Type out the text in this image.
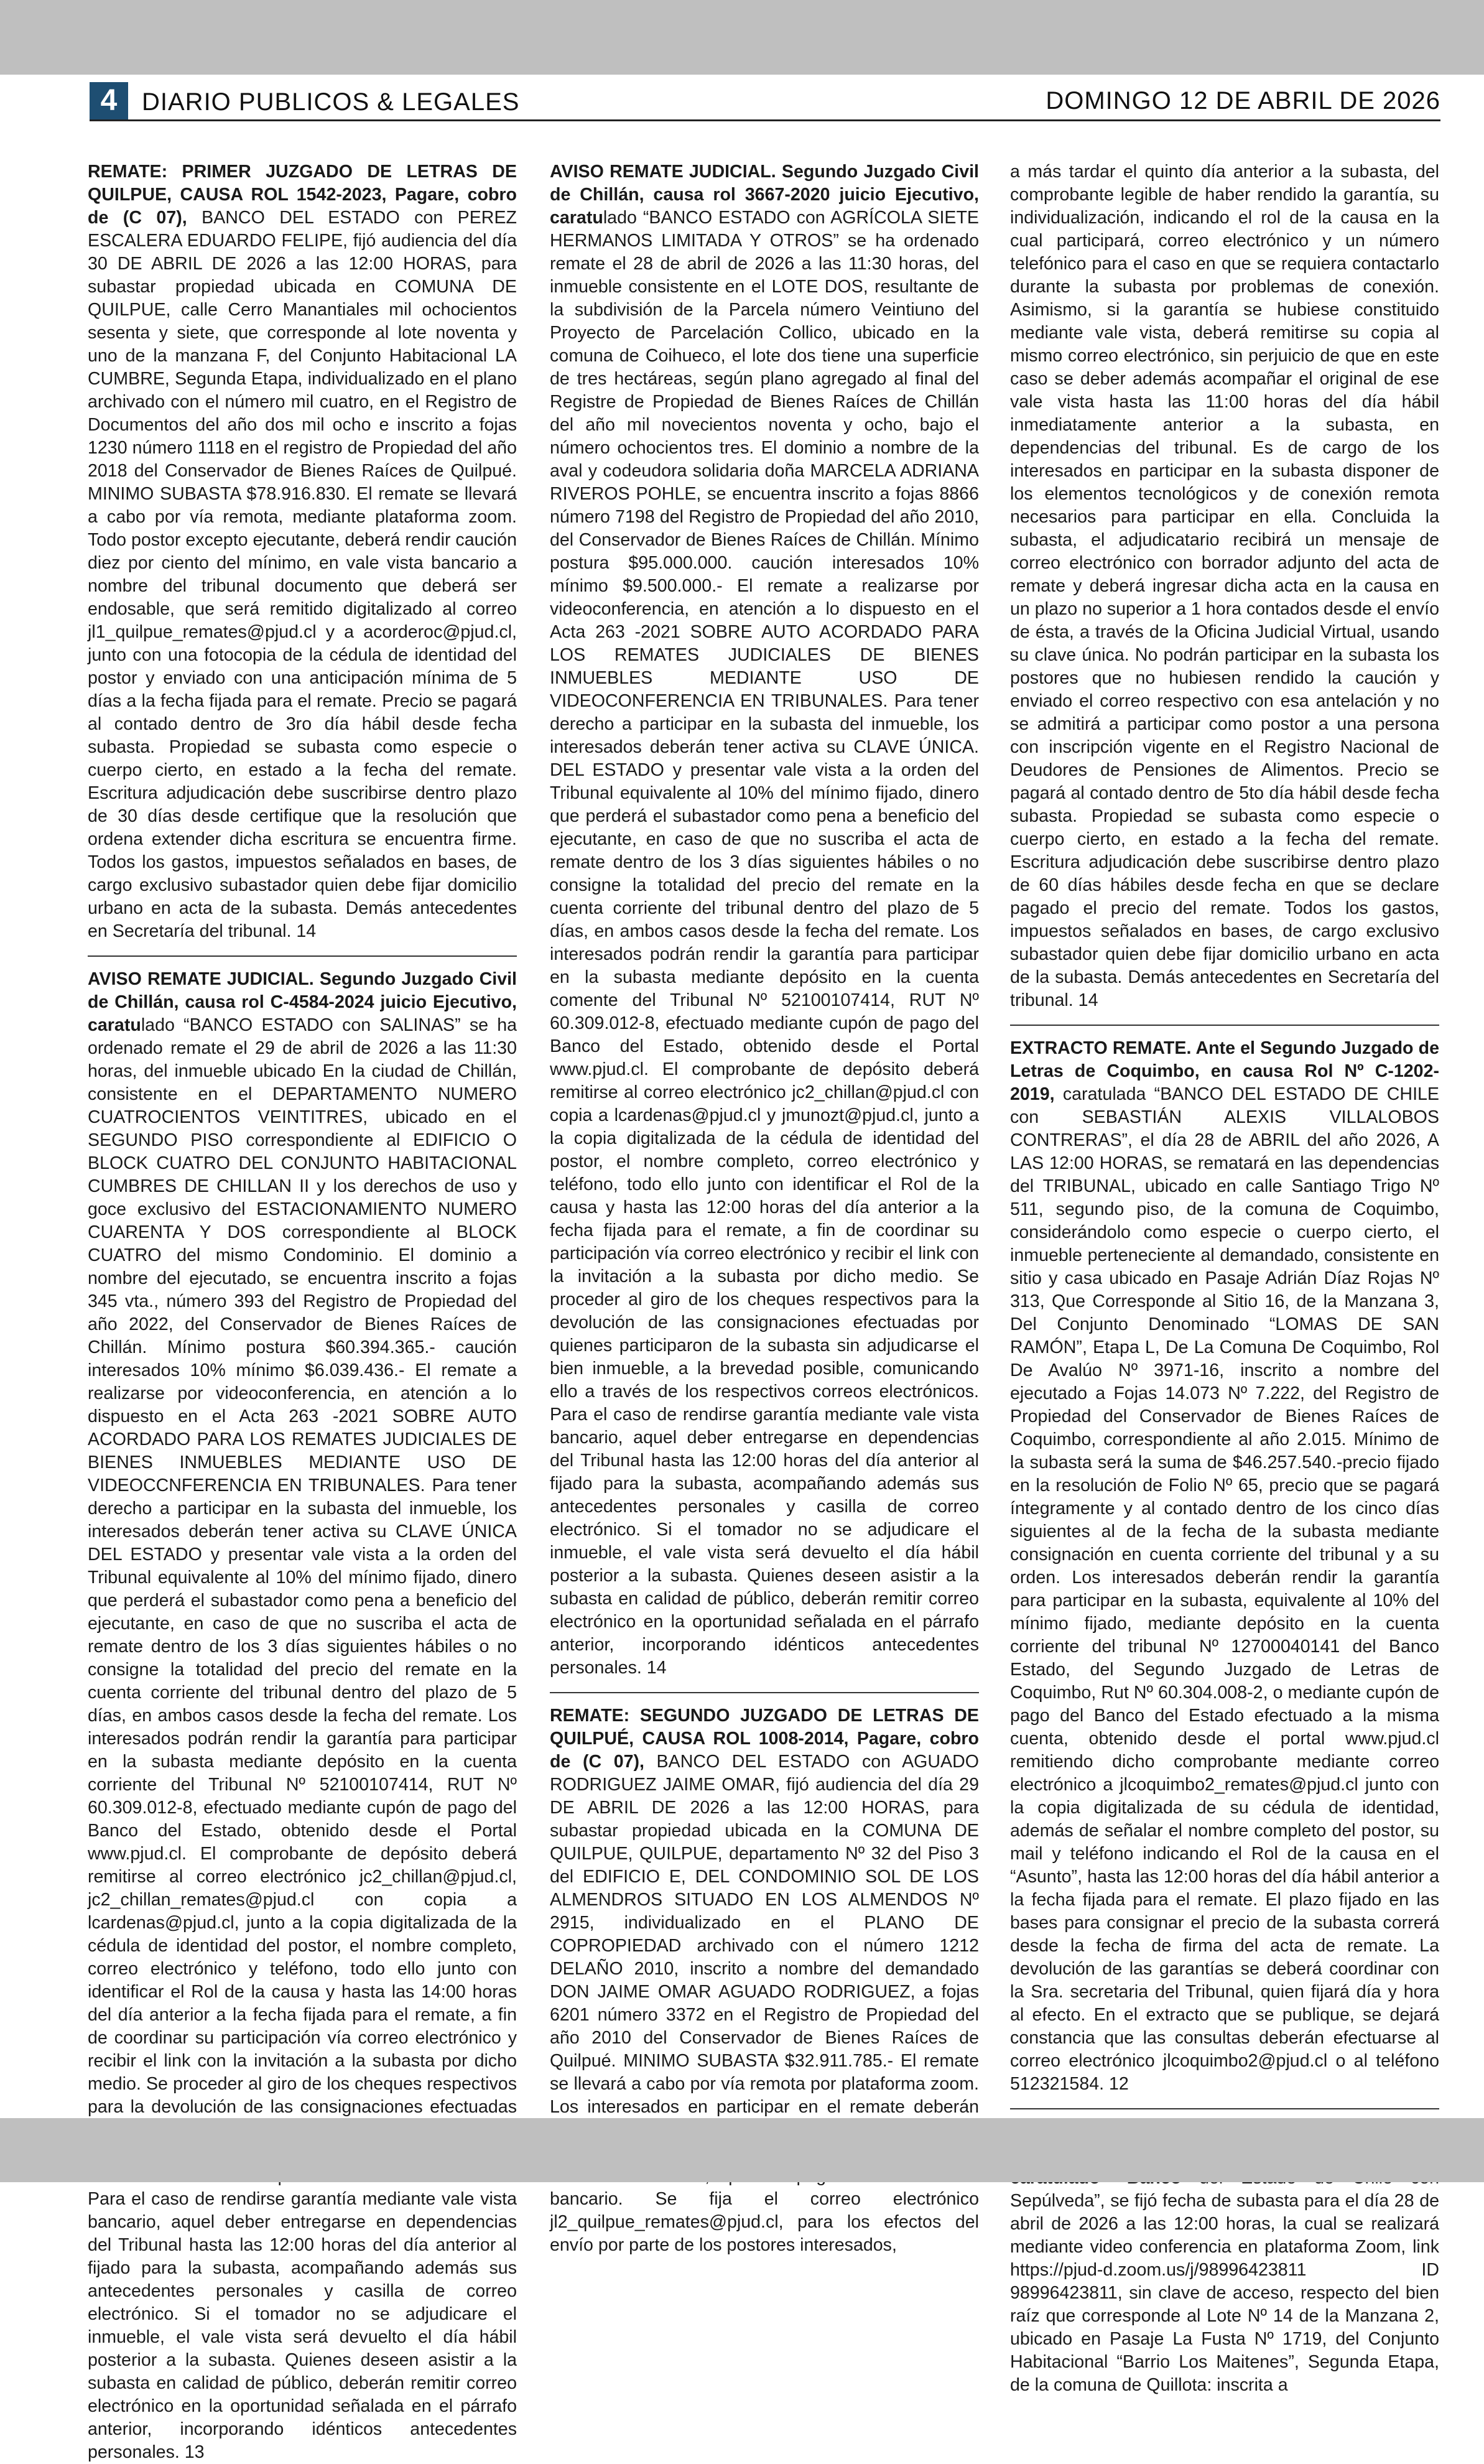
4 DIARIO PUBLICOS & LEGALES	DOMINGO 12 DE ABRIL DE 2026

REMATE: PRIMER JUZGADO DE LETRAS DE QUILPUE, CAUSA ROL 1542-2023, Pagare, cobro de (C 07), BANCO DEL ESTADO con PEREZ ESCALERA EDUARDO FELIPE, fijó audiencia del día 30 DE ABRIL DE 2026 a las 12:00 HORAS, para subastar propiedad ubicada en COMUNA DE QUILPUE, calle Cerro Manantiales mil ochocientos sesenta y siete, que corresponde al lote noventa y uno de la manzana F, del Conjunto Habitacional LA CUMBRE, Segunda Etapa, individualizado en el plano archivado con el número mil cuatro, en el Registro de Documentos del año dos mil ocho e inscrito a fojas 1230 número 1118 en el registro de Propiedad del año 2018 del Conservador de Bienes Raíces de Quilpué. MINIMO SUBASTA $78.916.830. El remate se llevará a cabo por vía remota, mediante plataforma zoom. Todo postor excepto ejecutante, deberá rendir caución diez por ciento del mínimo, en vale vista bancario a nombre del tribunal documento que deberá ser endosable, que será remitido digitalizado al correo jl1_quilpue_remates@pjud.cl y a acorderoc@pjud.cl, junto con una fotocopia de la cédula de identidad del postor y enviado con una anticipación mínima de 5 días a la fecha fijada para el remate. Precio se pagará al contado dentro de 3ro día hábil desde fecha subasta. Propiedad se subasta como especie o cuerpo cierto, en estado a la fecha del remate. Escritura adjudicación debe suscribirse dentro plazo de 30 días desde certifique que la resolución que ordena extender dicha escritura se encuentra firme. Todos los gastos, impuestos señalados en bases, de cargo exclusivo subastador quien debe fijar domicilio urbano en acta de la subasta. Demás antecedentes en Secretaría del tribunal. 14

AVISO REMATE JUDICIAL. Segundo Juzgado Civil de Chillán, causa rol C-4584-2024 juicio Ejecutivo, caratulado “BANCO ESTADO con SALINAS” se ha ordenado remate el 29 de abril de 2026 a las 11:30 horas, del inmueble ubicado En la ciudad de Chillán, consistente en el DEPARTAMENTO NUMERO CUATROCIENTOS VEINTITRES, ubicado en el SEGUNDO PISO correspondiente al EDIFICIO O BLOCK CUATRO DEL CONJUNTO HABITACIONAL CUMBRES DE CHILLAN II y los derechos de uso y goce exclusivo del ESTACIONAMIENTO NUMERO CUARENTA Y DOS correspondiente al BLOCK CUATRO del mismo Condominio. El dominio a nombre del ejecutado, se encuentra inscrito a fojas 345 vta., número 393 del Registro de Propiedad del año 2022, del Conservador de Bienes Raíces de Chillán. Mínimo postura $60.394.365.- caución interesados 10% mínimo $6.039.436.- El remate a realizarse por videoconferencia, en atención a lo dispuesto en el Acta 263 -2021 SOBRE AUTO ACORDADO PARA LOS REMATES JUDICIALES DE BIENES INMUEBLES MEDIANTE USO DE VIDEOCCNFERENCIA EN TRIBUNALES. Para tener derecho a participar en la subasta del inmueble, los interesados deberán tener activa su CLAVE ÚNICA DEL ESTADO y presentar vale vista a la orden del Tribunal equivalente al 10% del mínimo fijado, dinero que perderá el subastador como pena a beneficio del ejecutante, en caso de que no suscriba el acta de remate dentro de los 3 días siguientes hábiles o no consigne la totalidad del precio del remate en la cuenta corriente del tribunal dentro del plazo de 5 días, en ambos casos desde la fecha del remate. Los interesados podrán rendir la garantía para participar en la subasta mediante depósito en la cuenta corriente del Tribunal Nº 52100107414, RUT Nº 60.309.012-8, efectuado mediante cupón de pago del Banco del Estado, obtenido desde el Portal www.pjud.cl. El comprobante de depósito deberá remitirse al correo electrónico jc2_chillan@pjud.cl, jc2_chillan_remates@pjud.cl con copia a lcardenas@pjud.cl, junto a la copia digitalizada de la cédula de identidad del postor, el nombre completo, correo electrónico y teléfono, todo ello junto con identificar el Rol de la causa y hasta las 14:00 horas del día anterior a la fecha fijada para el remate, a fin de coordinar su participación vía correo electrónico y recibir el link con la invitación a la subasta por dicho medio. Se proceder al giro de los cheques respectivos para la devolución de las consignaciones efectuadas Para el caso de rendirse garantía mediante vale vista bancario, aquel deber entregarse en dependencias del Tribunal hasta las 12:00 horas del día anterior al fijado para la subasta, acompañando además sus antecedentes personales y casilla de correo electrónico. Si el tomador no se adjudicare el inmueble, el vale vista será devuelto el día hábil posterior a la subasta. Quienes deseen asistir a la subasta en calidad de público, deberán remitir correo electrónico en la oportunidad señalada en el párrafo anterior, incorporando idénticos antecedentes personales. 13

AVISO REMATE JUDICIAL. Segundo Juzgado Civil de Chillán, causa rol 3667-2020 juicio Ejecutivo, caratulado “BANCO ESTADO con AGRÍCOLA SIETE HERMANOS LIMITADA Y OTROS” se ha ordenado remate el 28 de abril de 2026 a las 11:30 horas, del inmueble consistente en el LOTE DOS, resultante de la subdivisión de la Parcela número Veintiuno del Proyecto de Parcelación Collico, ubicado en la comuna de Coihueco, el lote dos tiene una superficie de tres hectáreas, según plano agregado al final del Registre de Propiedad de Bienes Raíces de Chillán del año mil novecientos noventa y ocho, bajo el número ochocientos tres. El dominio a nombre de la aval y codeudora solidaria doña MARCELA ADRIANA RIVEROS POHLE, se encuentra inscrito a fojas 8866 número 7198 del Registro de Propiedad del año 2010, del Conservador de Bienes Raíces de Chillán. Mínimo postura $95.000.000. caución interesados 10% mínimo $9.500.000.- El remate a realizarse por videoconferencia, en atención a lo dispuesto en el Acta 263 -2021 SOBRE AUTO ACORDADO PARA LOS REMATES JUDICIALES DE BIENES INMUEBLES MEDIANTE USO DE VIDEOCONFERENCIA EN TRIBUNALES. Para tener derecho a participar en la subasta del inmueble, los interesados deberán tener activa su CLAVE ÚNICA. DEL ESTADO y presentar vale vista a la orden del Tribunal equivalente al 10% del mínimo fijado, dinero que perderá el subastador como pena a beneficio del ejecutante, en caso de que no suscriba el acta de remate dentro de los 3 días siguientes hábiles o no consigne la totalidad del precio del remate en la cuenta corriente del tribunal dentro del plazo de 5 días, en ambos casos desde la fecha del remate. Los interesados podrán rendir la garantía para participar en la subasta mediante depósito en la cuenta comente del Tribunal Nº 52100107414, RUT Nº 60.309.012-8, efectuado mediante cupón de pago del Banco del Estado, obtenido desde el Portal www.pjud.cl. El comprobante de depósito deberá remitirse al correo electrónico jc2_chillan@pjud.cl con copia a lcardenas@pjud.cl y jmunozt@pjud.cl, junto a la copia digitalizada de la cédula de identidad del postor, el nombre completo, correo electrónico y teléfono, todo ello junto con identificar el Rol de la causa y hasta las 12:00 horas del día anterior a la fecha fijada para el remate, a fin de coordinar su participación vía correo electrónico y recibir el link con la invitación a la subasta por dicho medio. Se proceder al giro de los cheques respectivos para la devolución de las consignaciones efectuadas por quienes participaron de la subasta sin adjudicarse el bien inmueble, a la brevedad posible, comunicando ello a través de los respectivos correos electrónicos. Para el caso de rendirse garantía mediante vale vista bancario, aquel deber entregarse en dependencias del Tribunal hasta las 12:00 horas del día anterior al fijado para la subasta, acompañando además sus antecedentes personales y casilla de correo electrónico. Si el tomador no se adjudicare el inmueble, el vale vista será devuelto el día hábil posterior a la subasta. Quienes deseen asistir a la subasta en calidad de público, deberán remitir correo electrónico en la oportunidad señalada en el párrafo anterior, incorporando idénticos antecedentes personales. 14

REMATE: SEGUNDO JUZGADO DE LETRAS DE QUILPUÉ, CAUSA ROL 1008-2014, Pagare, cobro de (C 07), BANCO DEL ESTADO con AGUADO RODRIGUEZ JAIME OMAR, fijó audiencia del día 29 DE ABRIL DE 2026 a las 12:00 HORAS, para subastar propiedad ubicada en la COMUNA DE QUILPUE, QUILPUE, departamento Nº 32 del Piso 3 del EDIFICIO E, DEL CONDOMINIO SOL DE LOS ALMENDROS SITUADO EN LOS ALMENDOS Nº 2915, individualizado en el PLANO DE COPROPIEDAD archivado con el número 1212 DELAÑO 2010, inscrito a nombre del demandado DON JAIME OMAR AGUADO RODRIGUEZ, a fojas 6201 número 3372 en el Registro de Propiedad del año 2010 del Conservador de Bienes Raíces de Quilpué. MINIMO SUBASTA $32.911.785.- El remate se llevará a cabo por vía remota por plataforma zoom. Los interesados en participar en el remate deberán bancario. Se fija el correo electrónico jl2_quilpue_remates@pjud.cl, para los efectos del envío por parte de los postores interesados,

a más tardar el quinto día anterior a la subasta, del comprobante legible de haber rendido la garantía, su individualización, indicando el rol de la causa en la cual participará, correo electrónico y un número telefónico para el caso en que se requiera contactarlo durante la subasta por problemas de conexión. Asimismo, si la garantía se hubiese constituido mediante vale vista, deberá remitirse su copia al mismo correo electrónico, sin perjuicio de que en este caso se deber además acompañar el original de ese vale vista hasta las 11:00 horas del día hábil inmediatamente anterior a la subasta, en dependencias del tribunal. Es de cargo de los interesados en participar en la subasta disponer de los elementos tecnológicos y de conexión remota necesarios para participar en ella. Concluida la subasta, el adjudicatario recibirá un mensaje de correo electrónico con borrador adjunto del acta de remate y deberá ingresar dicha acta en la causa en un plazo no superior a 1 hora contados desde el envío de ésta, a través de la Oficina Judicial Virtual, usando su clave única. No podrán participar en la subasta los postores que no hubiesen rendido la caución y enviado el correo respectivo con esa antelación y no se admitirá a participar como postor a una persona con inscripción vigente en el Registro Nacional de Deudores de Pensiones de Alimentos. Precio se pagará al contado dentro de 5to día hábil desde fecha subasta. Propiedad se subasta como especie o cuerpo cierto, en estado a la fecha del remate. Escritura adjudicación debe suscribirse dentro plazo de 60 días hábiles desde fecha en que se declare pagado el precio del remate. Todos los gastos, impuestos señalados en bases, de cargo exclusivo subastador quien debe fijar domicilio urbano en acta de la subasta. Demás antecedentes en Secretaría del tribunal. 14

EXTRACTO REMATE. Ante el Segundo Juzgado de Letras de Coquimbo, en causa Rol Nº C-1202-2019, caratulada “BANCO DEL ESTADO DE CHILE con SEBASTIÁN ALEXIS VILLALOBOS CONTRERAS”, el día 28 de ABRIL del año 2026, A LAS 12:00 HORAS, se rematará en las dependencias del TRIBUNAL, ubicado en calle Santiago Trigo Nº 511, segundo piso, de la comuna de Coquimbo, considerándolo como especie o cuerpo cierto, el inmueble perteneciente al demandado, consistente en sitio y casa ubicado en Pasaje Adrián Díaz Rojas Nº 313, Que Corresponde al Sitio 16, de la Manzana 3, Del Conjunto Denominado “LOMAS DE SAN RAMÓN”, Etapa L, De La Comuna De Coquimbo, Rol De Avalúo Nº 3971-16, inscrito a nombre del ejecutado a Fojas 14.073 Nº 7.222, del Registro de Propiedad del Conservador de Bienes Raíces de Coquimbo, correspondiente al año 2.015. Mínimo de la subasta será la suma de $46.257.540.-precio fijado en la resolución de Folio Nº 65, precio que se pagará íntegramente y al contado dentro de los cinco días siguientes al de la fecha de la subasta mediante consignación en cuenta corriente del tribunal y a su orden. Los interesados deberán rendir la garantía para participar en la subasta, equivalente al 10% del mínimo fijado, mediante depósito en la cuenta corriente del tribunal Nº 12700040141 del Banco Estado, del Segundo Juzgado de Letras de Coquimbo, Rut Nº 60.304.008-2, o mediante cupón de pago del Banco del Estado efectuado a la misma cuenta, obtenido desde el portal www.pjud.cl remitiendo dicho comprobante mediante correo electrónico a jlcoquimbo2_remates@pjud.cl junto con la copia digitalizada de su cédula de identidad, además de señalar el nombre completo del postor, su mail y teléfono indicando el Rol de la causa en el “Asunto”, hasta las 12:00 horas del día hábil anterior a la fecha fijada para el remate. El plazo fijado en las bases para consignar el precio de la subasta correrá desde la fecha de firma del acta de remate. La devolución de las garantías se deberá coordinar con la Sra. secretaria del Tribunal, quien fijará día y hora al efecto. En el extracto que se publique, se dejará constancia que las consultas deberán efectuarse al correo electrónico jlcoquimbo2@pjud.cl o al teléfono 512321584. 12

Sepúlveda”, se fijó fecha de subasta para el día 28 de abril de 2026 a las 12:00 horas, la cual se realizará mediante video conferencia en plataforma Zoom, link https://pjud-d.zoom.us/j/98996423811 ID 98996423811, sin clave de acceso, respecto del bien raíz que corresponde al Lote Nº 14 de la Manzana 2, ubicado en Pasaje La Fusta Nº 1719, del Conjunto Habitacional “Barrio Los Maitenes”, Segunda Etapa, de la comuna de Quillota: inscrita a
